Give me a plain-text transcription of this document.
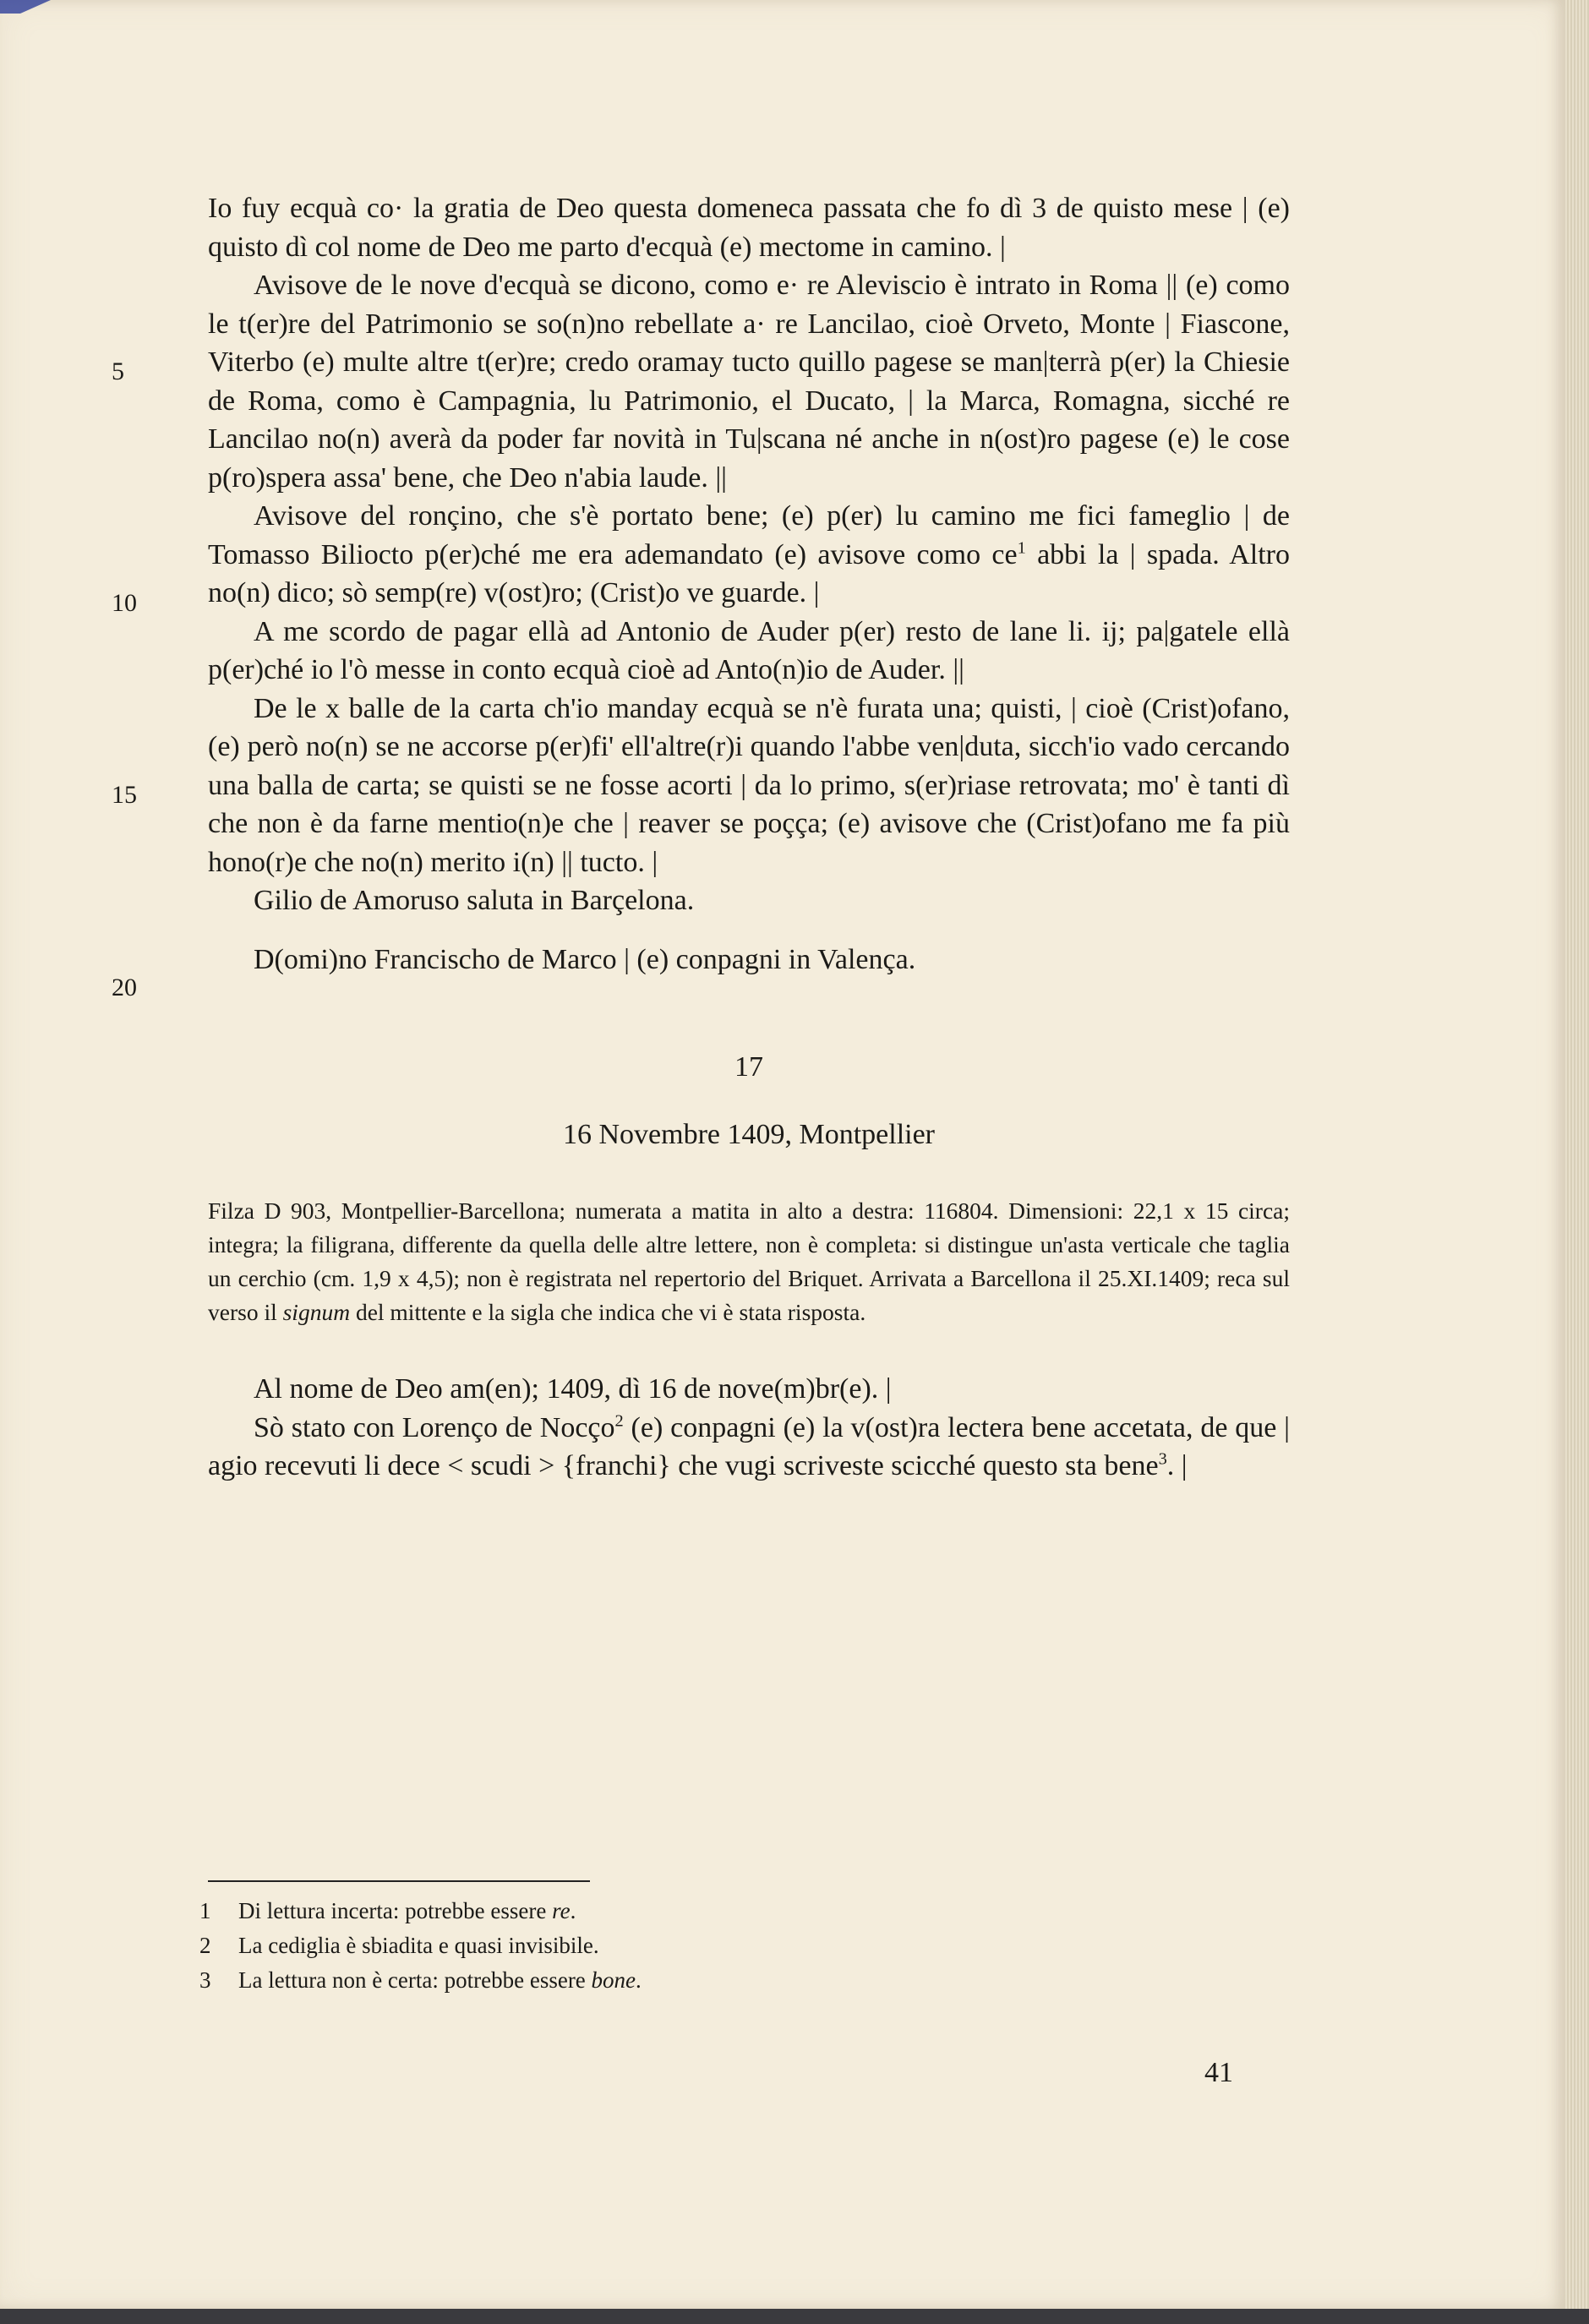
5
10
15
20

Io fuy ecquà co· la gratia de Deo questa domeneca passata che fo dì 3 de quisto mese | (e) quisto dì col nome de Deo me parto d'ecquà (e) mectome in camino. |

Avisove de le nove d'ecquà se dicono, como e· re Aleviscio è intrato in Roma || (e) como le t(er)re del Patrimonio se so(n)no rebellate a· re Lancilao, cioè Orveto, Monte | Fiascone, Viterbo (e) multe altre t(er)re; credo oramay tucto quillo pagese se man|terrà p(er) la Chiesie de Roma, como è Campagnia, lu Patrimonio, el Ducato, | la Marca, Romagna, sicché re Lancilao no(n) averà da poder far novità in Tu|scana né anche in n(ost)ro pagese (e) le cose p(ro)spera assa' bene, che Deo n'abia laude. ||

Avisove del ronçino, che s'è portato bene; (e) p(er) lu camino me fici fameglio | de Tomasso Biliocto p(er)ché me era ademandato (e) avisove como $ce^1$ abbi la | spada. Altro no(n) dico; sò semp(re) v(ost)ro; (Crist)o ve guarde. |

A me scordo de pagar ellà ad Antonio de Auder p(er) resto de lane li. ij; pa|gatele ellà p(er)ché io l'ò messe in conto ecquà cioè ad Anto(n)io de Auder. ||

De le x balle de la carta ch'io manday ecquà se n'è furata una; quisti, | cioè (Crist)ofano, (e) però no(n) se ne accorse p(er)fi' ell'altre(r)i quando l'abbe ven|duta, sicch'io vado cercando una balla de carta; se quisti se ne fosse acorti | da lo primo, s(er)riase retrovata; mo' è tanti dì che non è da farne mentio(n)e che | reaver se poçça; (e) avisove che (Crist)ofano me fa più hono(r)e che no(n) merito i(n) || tucto. |

Gilio de Amoruso saluta in Barçelona.

D(omi)no Francischo de Marco | (e) conpagni in Valença.

17

16 Novembre 1409, Montpellier

Filza D 903, Montpellier-Barcellona; numerata a matita in alto a destra: 116804. Dimensioni: 22,1 x 15 circa; integra; la filigrana, differente da quella delle altre lettere, non è completa: si distingue un'asta verticale che taglia un cerchio (cm. 1,9 x 4,5); non è registrata nel repertorio del Briquet. Arrivata a Barcellona il 25.XI.1409; reca sul verso il signum del mittente e la sigla che indica che vi è stata risposta.

Al nome de Deo am(en); 1409, dì 16 de nove(m)br(e). |

Sò stato con Lorenço de Nocço$^2$ (e) conpagni (e) la v(ost)ra lectera bene accetata, de que | agio recevuti li dece < scudi > {franchi} che vugi scriveste scicché questo sta bene$^3$. |

1	Di lettura incerta: potrebbe essere re.
2	La cediglia è sbiadita e quasi invisibile.
3	La lettura non è certa: potrebbe essere bone.
41
